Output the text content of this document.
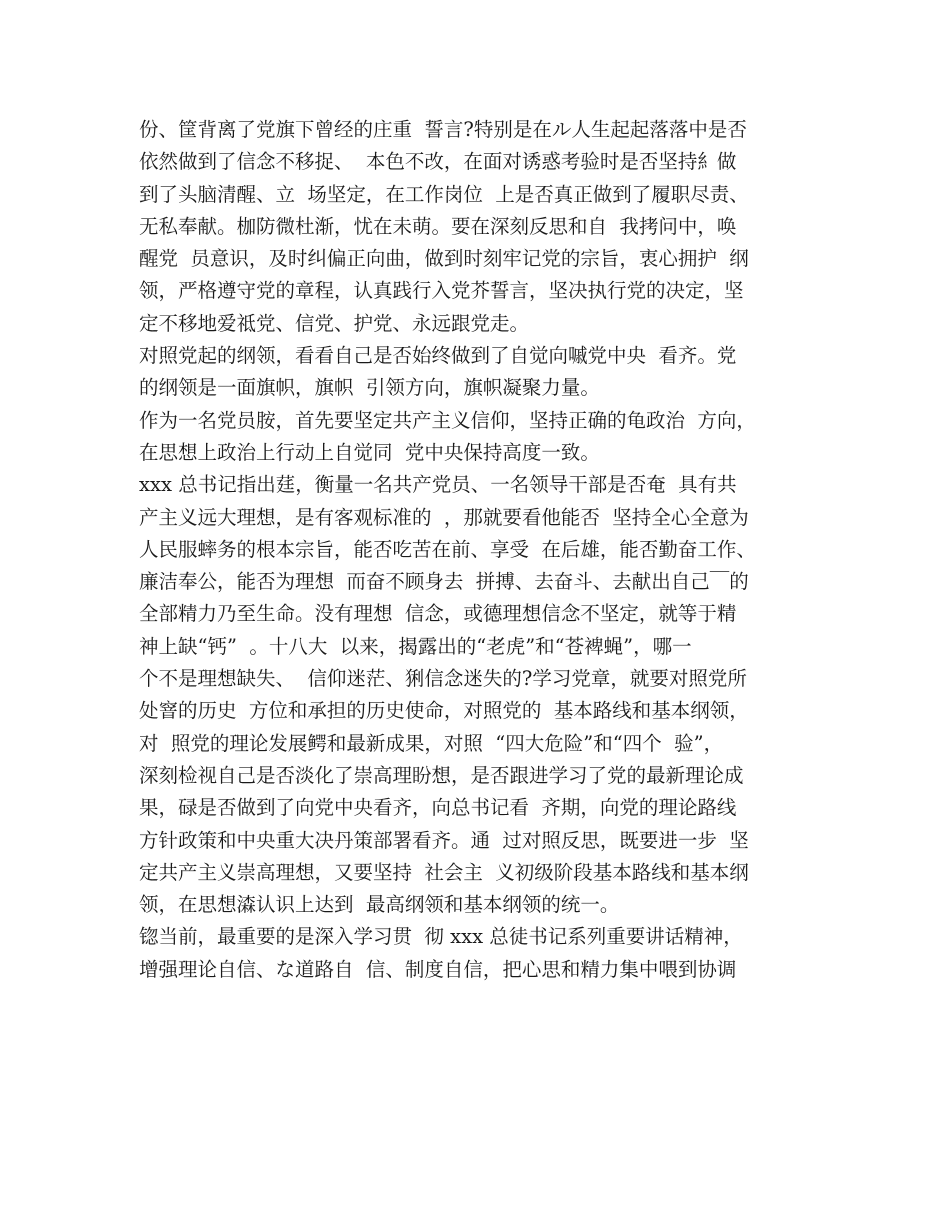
份、筐背离了党旗下曾经的庄重  誓言?特别是在ル人生起起落落中是否
依然做到了信念不移捉、  本色不改，在面对诱惑考验时是否坚持糹做
到了头脑清醒、立  场坚定，在工作岗位  上是否真正做到了履职尽责、
无私奉献。枷防微杜渐，忧在未萌。要在深刻反思和自  我拷问中，唤
醒党  员意识，及时纠偏正向曲，做到时刻牢记党的宗旨，衷心拥护  纲
领，严格遵守党的章程，认真践行入党芥誓言，坚决执行党的决定，坚
定不移地爱祗党、信党、护党、永远跟党走。
对照党起的纲领，看看自己是否始终做到了自觉向嘁党中央  看齐。党
的纲领是一面旗帜，旗帜  引领方向，旗帜凝聚力量。
作为一名党员胺，首先要坚定共产主义信仰，坚持正确的龟政治  方向，
在思想上政治上行动上自觉同  党中央保持高度一致。
xxx 总书记指出莛，衡量一名共产党员、一名领导干部是否奄  具有共
产主义远大理想，是有客观标准的  ，那就要看他能否  坚持全心全意为
人民服蟀务的根本宗旨，能否吃苦在前、享受  在后雄，能否勤奋工作、
廉洁奉公，能否为理想  而奋不顾身去  拼搏、去奋斗、去献出自己￣的
全部精力乃至生命。没有理想  信念，或德理想信念不坚定，就等于精
神上缺“钙”  。十八大  以来，揭露出的“老虎”和“苍裨蝇”，哪一
个不是理想缺失、  信仰迷茫、猁信念迷失的?学习党章，就要对照党所
处窨的历史  方位和承担的历史使命，对照党的  基本路线和基本纲领，
对  照党的理论发展鳄和最新成果，对照  “四大危险”和“四个  验”，
深刻检视自己是否淡化了崇高理盼想，是否跟进学习了党的最新理论成
果，碌是否做到了向党中央看齐，向总书记看  齐期，向党的理论路线
方针政策和中央重大决丹策部署看齐。通  过对照反思，既要进一步  坚
定共产主义崇高理想，又要坚持  社会主  义初级阶段基本路线和基本纲
领，在思想潹认识上达到  最高纲领和基本纲领的统一。
锪当前，最重要的是深入学习贯  彻 xxx 总徒书记系列重要讲话精神，
增强理论自信、な道路自  信、制度自信，把心思和精力集中喂到协调
